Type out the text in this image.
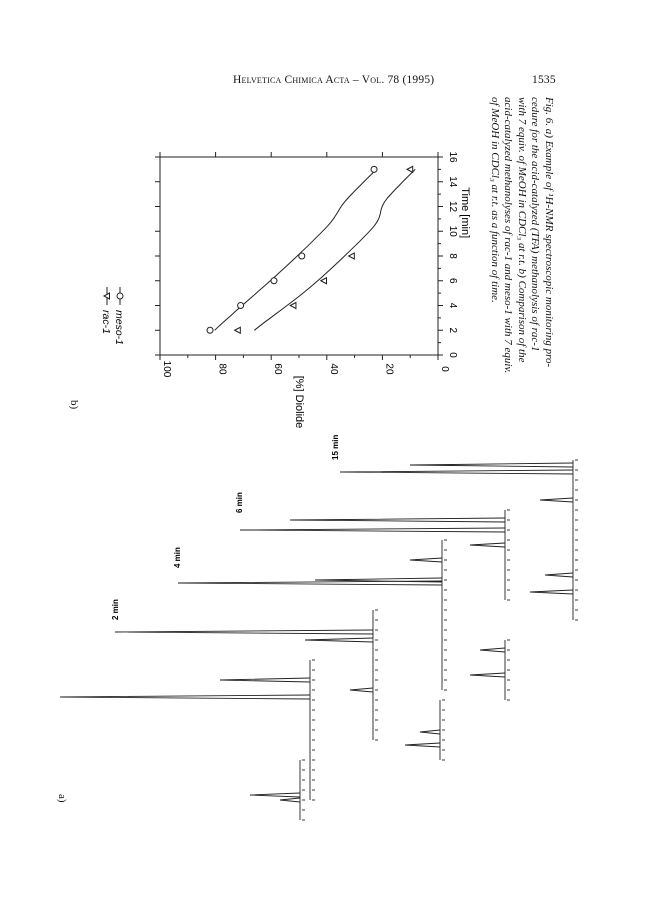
Helvetica Chimica Acta – Vol. 78 (1995)	1535
a)
b)
2 min
4 min
6 min
15 min
0
2
4
6
8
10
12
14
16
Time [min]
0
20
40
60
80
100
[%] Diolide
meso-1
rac-1	Fig. 6. a) Example of ¹H-NMR spectroscopic monitoring pro-

cedure for the acid-catalyzed (TFA) methanolysis of rac-1

with 7 equiv. of MeOH in CDCl₃ at r.t. b) Comparison of the

acid-catalyzed methanolyses of rac-1 and meso-1 with 7 equiv.

of MeOH in CDCl₃ at r.t. as a function of time.
